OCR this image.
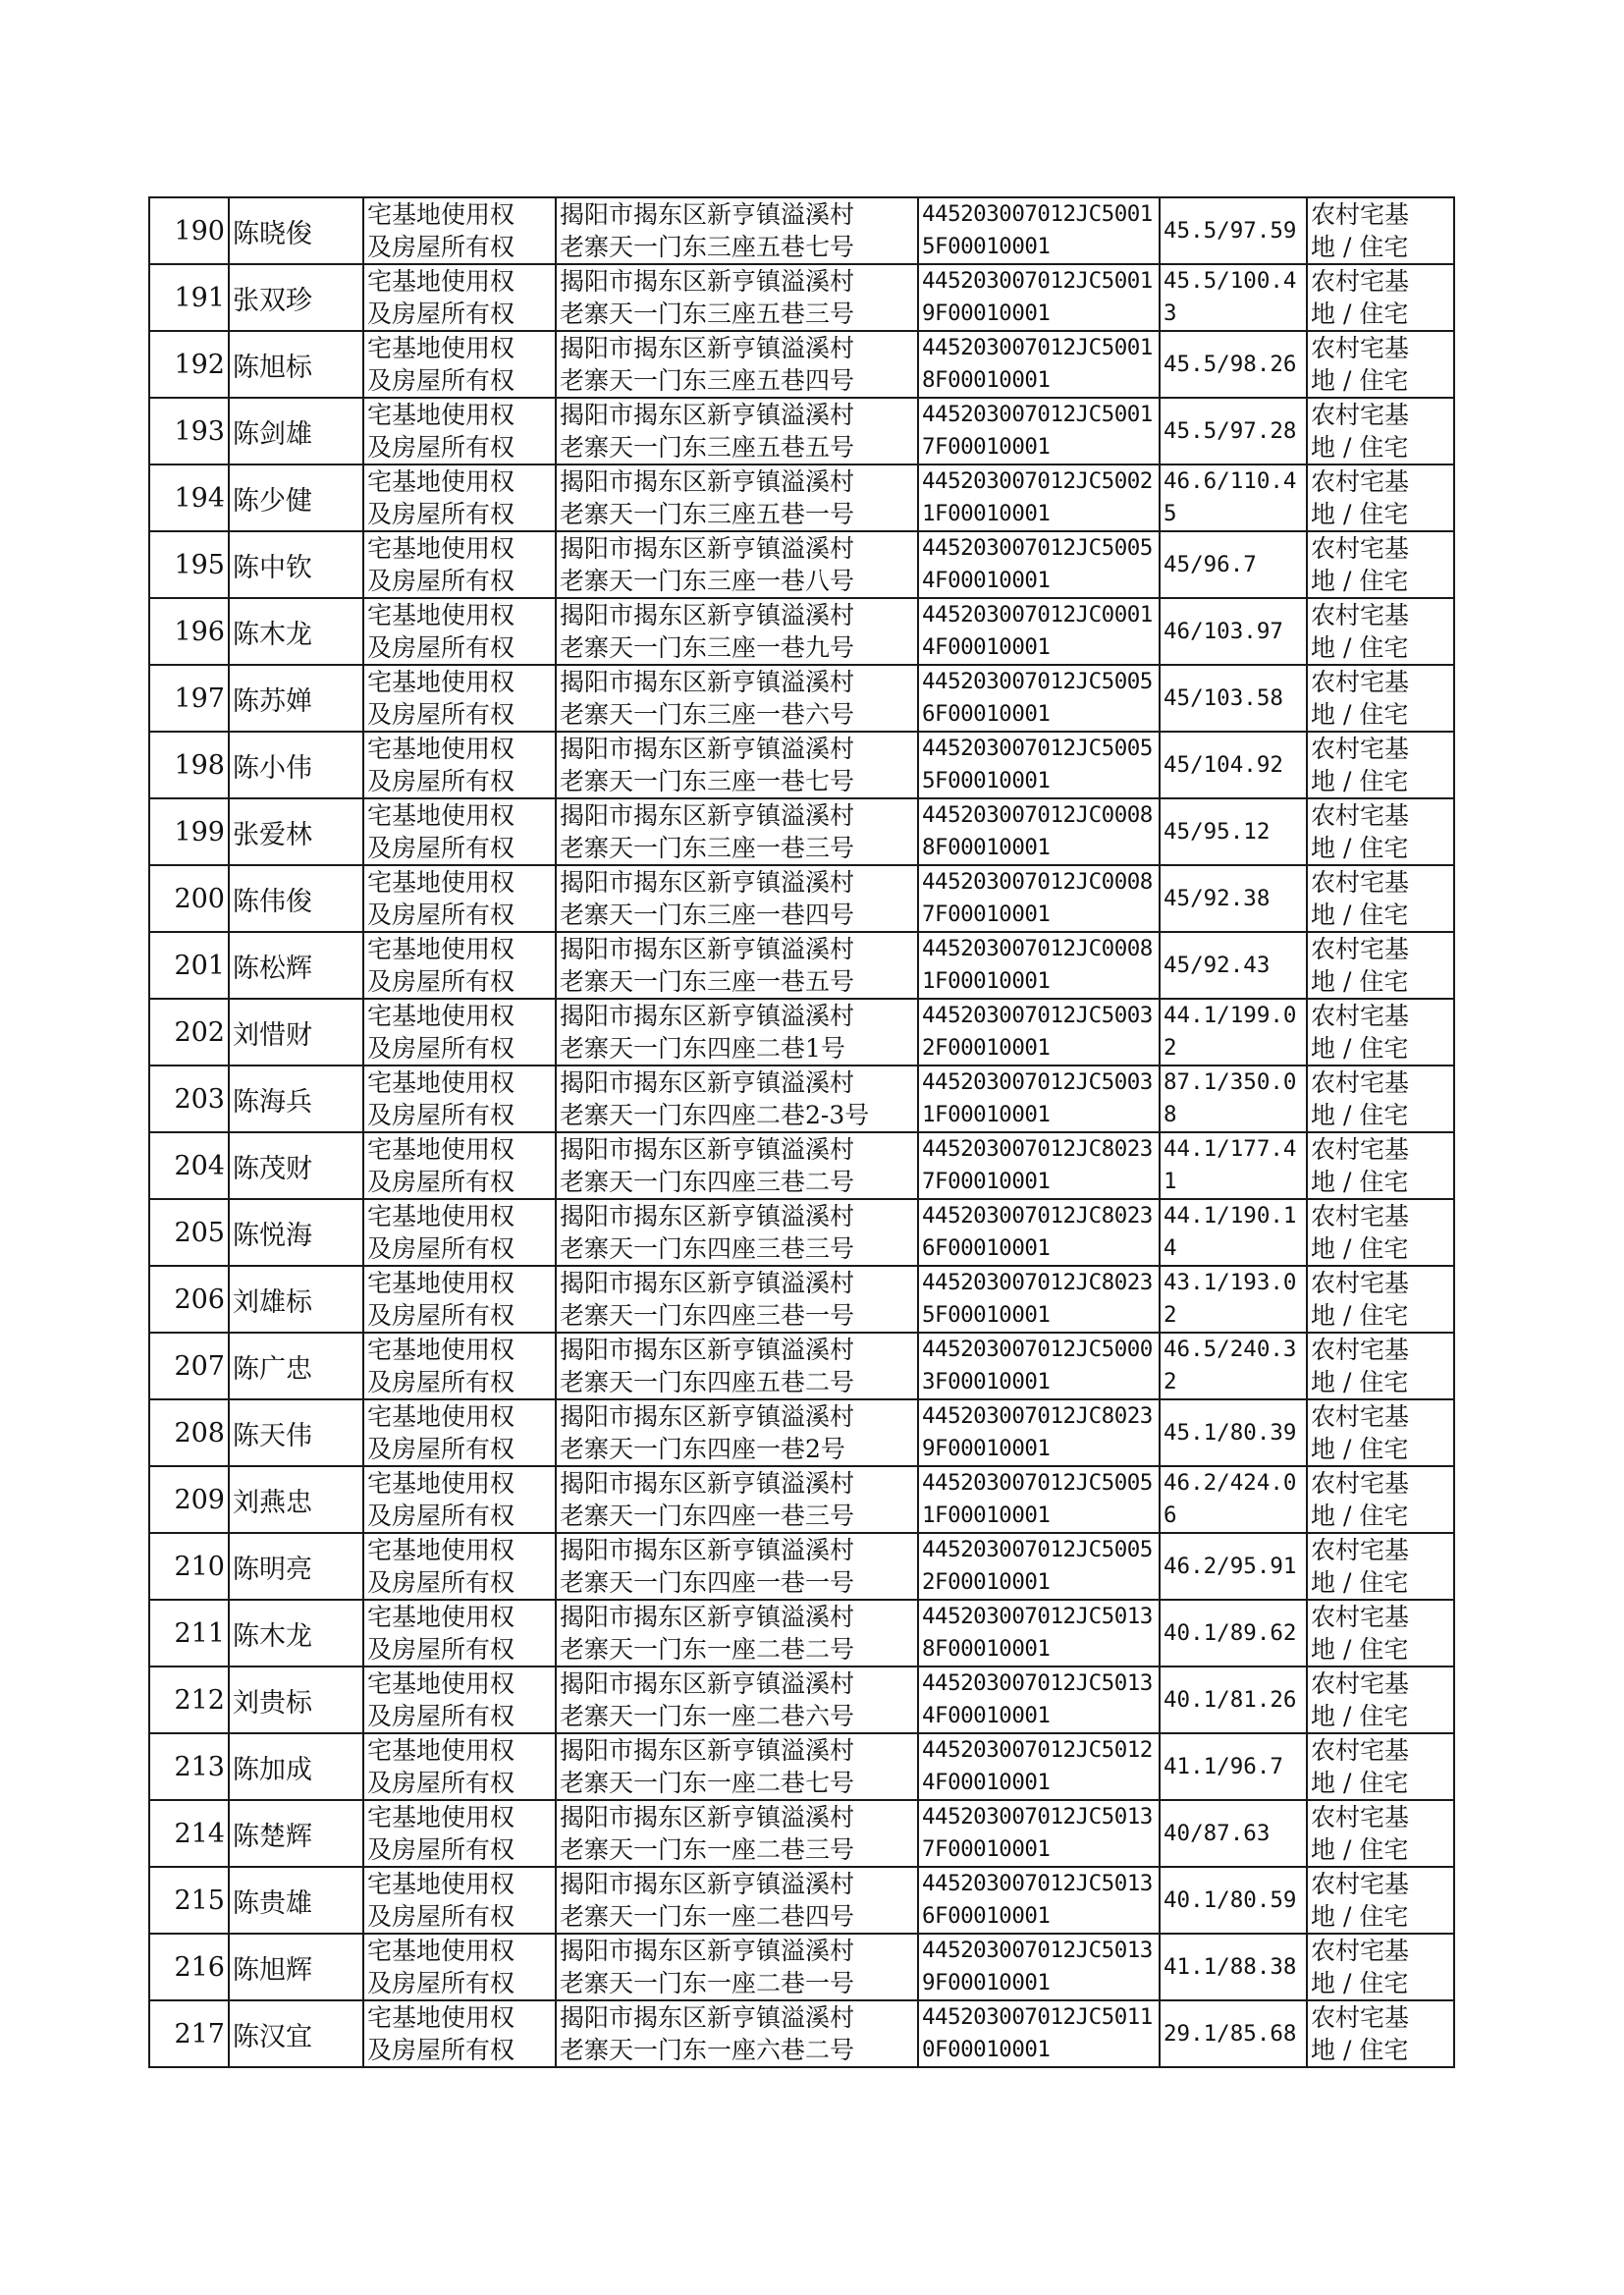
190	陈晓俊	宅基地使用权
及房屋所有权	揭阳市揭东区新亨镇溢溪村
老寨天一门东三座五巷七号	445203007012JC50015F00010001	45.5/97.59	农村宅基
地 / 住宅

191	张双珍	宅基地使用权
及房屋所有权	揭阳市揭东区新亨镇溢溪村
老寨天一门东三座五巷三号	445203007012JC50019F00010001	45.5/100.43	农村宅基
地 / 住宅

192	陈旭标	宅基地使用权
及房屋所有权	揭阳市揭东区新亨镇溢溪村
老寨天一门东三座五巷四号	445203007012JC50018F00010001	45.5/98.26	农村宅基
地 / 住宅

193	陈剑雄	宅基地使用权
及房屋所有权	揭阳市揭东区新亨镇溢溪村
老寨天一门东三座五巷五号	445203007012JC50017F00010001	45.5/97.28	农村宅基
地 / 住宅

194	陈少健	宅基地使用权
及房屋所有权	揭阳市揭东区新亨镇溢溪村
老寨天一门东三座五巷一号	445203007012JC50021F00010001	46.6/110.45	农村宅基
地 / 住宅

195	陈中钦	宅基地使用权
及房屋所有权	揭阳市揭东区新亨镇溢溪村
老寨天一门东三座一巷八号	445203007012JC50054F00010001	45/96.7	农村宅基
地 / 住宅

196	陈木龙	宅基地使用权
及房屋所有权	揭阳市揭东区新亨镇溢溪村
老寨天一门东三座一巷九号	445203007012JC00014F00010001	46/103.97	农村宅基
地 / 住宅

197	陈苏婵	宅基地使用权
及房屋所有权	揭阳市揭东区新亨镇溢溪村
老寨天一门东三座一巷六号	445203007012JC50056F00010001	45/103.58	农村宅基
地 / 住宅

198	陈小伟	宅基地使用权
及房屋所有权	揭阳市揭东区新亨镇溢溪村
老寨天一门东三座一巷七号	445203007012JC50055F00010001	45/104.92	农村宅基
地 / 住宅

199	张爱林	宅基地使用权
及房屋所有权	揭阳市揭东区新亨镇溢溪村
老寨天一门东三座一巷三号	445203007012JC00088F00010001	45/95.12	农村宅基
地 / 住宅

200	陈伟俊	宅基地使用权
及房屋所有权	揭阳市揭东区新亨镇溢溪村
老寨天一门东三座一巷四号	445203007012JC00087F00010001	45/92.38	农村宅基
地 / 住宅

201	陈松辉	宅基地使用权
及房屋所有权	揭阳市揭东区新亨镇溢溪村
老寨天一门东三座一巷五号	445203007012JC00081F00010001	45/92.43	农村宅基
地 / 住宅

202	刘惜财	宅基地使用权
及房屋所有权	揭阳市揭东区新亨镇溢溪村
老寨天一门东四座二巷1号	445203007012JC50032F00010001	44.1/199.02	农村宅基
地 / 住宅

203	陈海兵	宅基地使用权
及房屋所有权	揭阳市揭东区新亨镇溢溪村
老寨天一门东四座二巷2-3号	445203007012JC50031F00010001	87.1/350.08	农村宅基
地 / 住宅

204	陈茂财	宅基地使用权
及房屋所有权	揭阳市揭东区新亨镇溢溪村
老寨天一门东四座三巷二号	445203007012JC80237F00010001	44.1/177.41	农村宅基
地 / 住宅

205	陈悦海	宅基地使用权
及房屋所有权	揭阳市揭东区新亨镇溢溪村
老寨天一门东四座三巷三号	445203007012JC80236F00010001	44.1/190.14	农村宅基
地 / 住宅

206	刘雄标	宅基地使用权
及房屋所有权	揭阳市揭东区新亨镇溢溪村
老寨天一门东四座三巷一号	445203007012JC80235F00010001	43.1/193.02	农村宅基
地 / 住宅

207	陈广忠	宅基地使用权
及房屋所有权	揭阳市揭东区新亨镇溢溪村
老寨天一门东四座五巷二号	445203007012JC50003F00010001	46.5/240.32	农村宅基
地 / 住宅

208	陈天伟	宅基地使用权
及房屋所有权	揭阳市揭东区新亨镇溢溪村
老寨天一门东四座一巷2号	445203007012JC80239F00010001	45.1/80.39	农村宅基
地 / 住宅

209	刘燕忠	宅基地使用权
及房屋所有权	揭阳市揭东区新亨镇溢溪村
老寨天一门东四座一巷三号	445203007012JC50051F00010001	46.2/424.06	农村宅基
地 / 住宅

210	陈明亮	宅基地使用权
及房屋所有权	揭阳市揭东区新亨镇溢溪村
老寨天一门东四座一巷一号	445203007012JC50052F00010001	46.2/95.91	农村宅基
地 / 住宅

211	陈木龙	宅基地使用权
及房屋所有权	揭阳市揭东区新亨镇溢溪村
老寨天一门东一座二巷二号	445203007012JC50138F00010001	40.1/89.62	农村宅基
地 / 住宅

212	刘贵标	宅基地使用权
及房屋所有权	揭阳市揭东区新亨镇溢溪村
老寨天一门东一座二巷六号	445203007012JC50134F00010001	40.1/81.26	农村宅基
地 / 住宅

213	陈加成	宅基地使用权
及房屋所有权	揭阳市揭东区新亨镇溢溪村
老寨天一门东一座二巷七号	445203007012JC50124F00010001	41.1/96.7	农村宅基
地 / 住宅

214	陈楚辉	宅基地使用权
及房屋所有权	揭阳市揭东区新亨镇溢溪村
老寨天一门东一座二巷三号	445203007012JC50137F00010001	40/87.63	农村宅基
地 / 住宅

215	陈贵雄	宅基地使用权
及房屋所有权	揭阳市揭东区新亨镇溢溪村
老寨天一门东一座二巷四号	445203007012JC50136F00010001	40.1/80.59	农村宅基
地 / 住宅

216	陈旭辉	宅基地使用权
及房屋所有权	揭阳市揭东区新亨镇溢溪村
老寨天一门东一座二巷一号	445203007012JC50139F00010001	41.1/88.38	农村宅基
地 / 住宅

217	陈汉宜	宅基地使用权
及房屋所有权	揭阳市揭东区新亨镇溢溪村
老寨天一门东一座六巷二号	445203007012JC50110F00010001	29.1/85.68	农村宅基
地 / 住宅
